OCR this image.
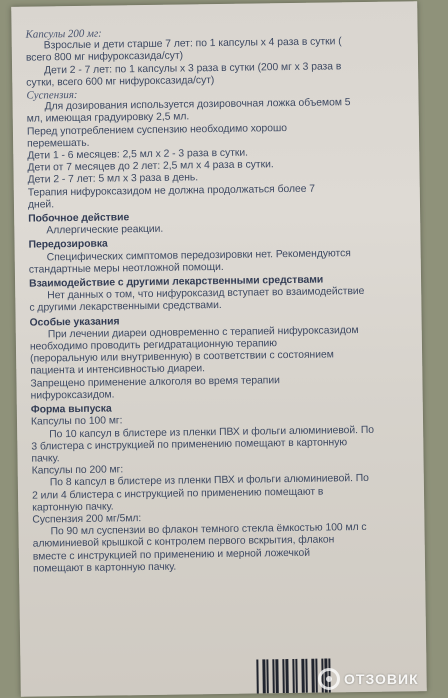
Капсулы 200 мг:
Взрослые и дети старше 7 лет: по 1 капсулы х 4 раза в сутки (
всего 800 мг нифуроксазида/сут)
Дети 2 - 7 лет: по 1 капсулы х 3 раза в сутки (200 мг х 3 раза в
сутки, всего 600 мг нифуроксазида/сут)
Суспензия:
Для дозирования используется дозировочная ложка объемом 5
мл, имеющая градуировку 2,5 мл.
Перед употреблением суспензию необходимо хорошо
перемешать.
Дети 1 - 6 месяцев: 2,5 мл х 2 - 3 раза в сутки.
Дети от 7 месяцев до 2 лет: 2,5 мл х 4 раза в сутки.
Дети 2 - 7 лет: 5 мл х 3 раза в день.
Терапия нифуроксазидом не должна продолжаться более 7
дней.
Побочное действие
Аллергические реакции.
Передозировка
Специфических симптомов передозировки нет. Рекомендуются
стандартные меры неотложной помощи.
Взаимодействие с другими лекарственными средствами
Нет данных о том, что нифуроксазид вступает во взаимодействие
с другими лекарственными средствами.
Особые указания
При лечении диареи одновременно с терапией нифуроксазидом
необходимо проводить регидратационную терапию
(пероральную или внутривенную) в соответствии с состоянием
пациента и интенсивностью диареи.
Запрещено применение алкоголя во время терапии
нифуроксазидом.
Форма выпуска
Капсулы по 100 мг:
По 10 капсул в блистере из пленки ПВХ и фольги алюминиевой. По
3 блистера с инструкцией по применению помещают в картонную
пачку.
Капсулы по 200 мг:
По 8 капсул в блистере из пленки ПВХ и фольги алюминиевой. По
2 или 4 блистера с инструкцией по применению помещают в
картонную пачку.
Суспензия 200 мг/5мл:
По 90 мл суспензии во флакон темного стекла ёмкостью 100 мл с
алюминиевой крышкой с контролем первого вскрытия, флакон
вместе с инструкцией по применению и мерной ложечкой
помещают в картонную пачку.
ОТЗОВИК
